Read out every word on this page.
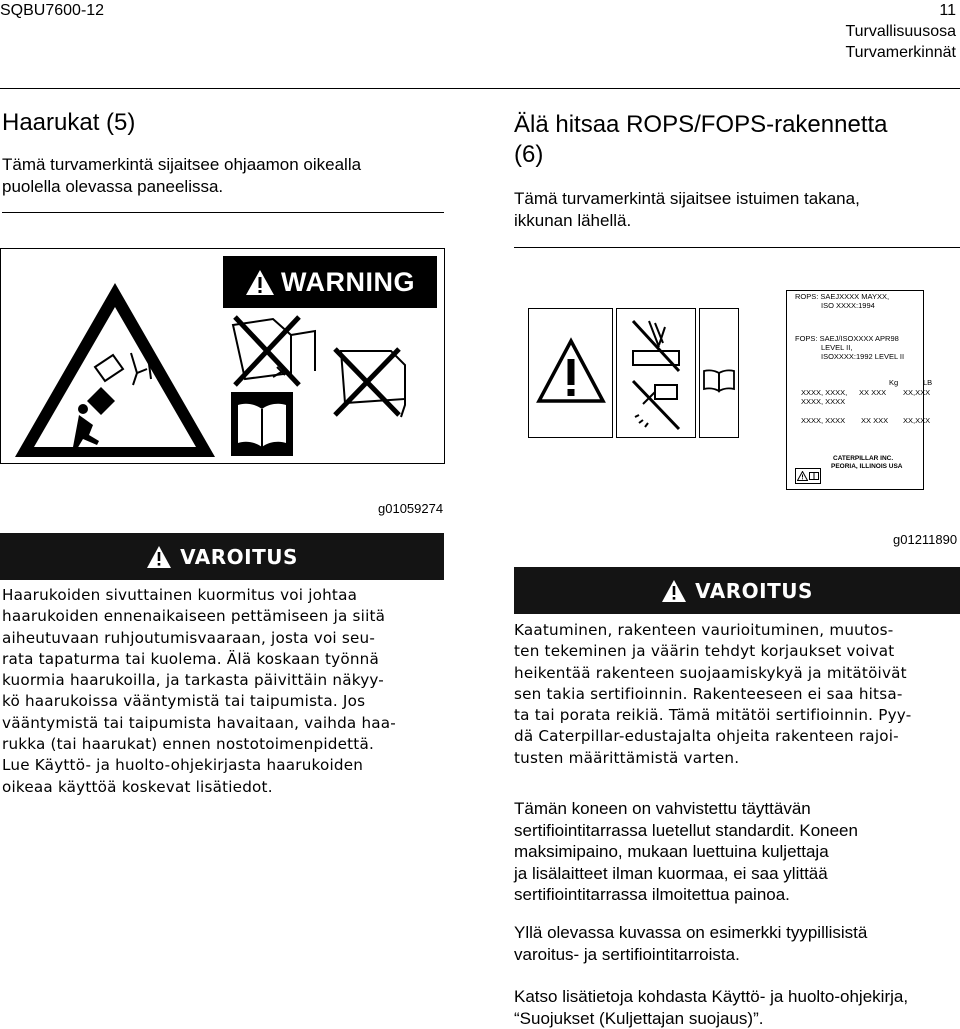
SQBU7600-12	11
Turvallisuusosa
Turvamerkinnät
Haarukat (5)
Tämä turvamerkintä sijaitsee ohjaamon oikealla
puolella olevassa paneelissa.
Älä hitsaa ROPS/FOPS-rakennetta
(6)
Tämä turvamerkintä sijaitsee istuimen takana,
ikkunan lähellä.
WARNING
g01059274
VAROITUS
Haarukoiden sivuttainen kuormitus voi johtaa
haarukoiden ennenaikaiseen pettämiseen ja siitä
aiheutuvaan ruhjoutumisvaaraan, josta voi seu-
rata tapaturma tai kuolema. Älä koskaan työnnä
kuormia haarukoilla, ja tarkasta päivittäin näkyy-
kö haarukoissa vääntymistä tai taipumista. Jos
vääntymistä tai taipumista havaitaan, vaihda haa-
rukka (tai haarukat) ennen nostotoimenpidettä.
Lue Käyttö- ja huolto-ohjekirjasta haarukoiden
oikeaa käyttöä koskevat lisätiedot.
ROPS: SAEJXXXX MAYXX,
ISO XXXX:1994
FOPS: SAEJ/ISOXXXX APR98
LEVEL II,
ISOXXXX:1992 LEVEL II
Kg	LB
XXXX, XXXX,
XXXX, XXXX
XX XXX XX,XXX
XXXX, XXXX XX XXX XX,XXX
CATERPILLAR INC.
PEORIA, ILLINOIS USA
g01211890
VAROITUS
Kaatuminen, rakenteen vaurioituminen, muutos-
ten tekeminen ja väärin tehdyt korjaukset voivat
heikentää rakenteen suojaamiskykyä ja mitätöivät
sen takia sertifioinnin. Rakenteeseen ei saa hitsa-
ta tai porata reikiä. Tämä mitätöi sertifioinnin. Pyy-
dä Caterpillar-edustajalta ohjeita rakenteen rajoi-
tusten määrittämistä varten.
Tämän koneen on vahvistettu täyttävän
sertifiointitarrassa luetellut standardit. Koneen
maksimipaino, mukaan luettuina kuljettaja
ja lisälaitteet ilman kuormaa, ei saa ylittää
sertifiointitarrassa ilmoitettua painoa.
Yllä olevassa kuvassa on esimerkki tyypillisistä
varoitus- ja sertifiointitarroista.
Katso lisätietoja kohdasta Käyttö- ja huolto-ohjekirja,
“Suojukset (Kuljettajan suojaus)”.
